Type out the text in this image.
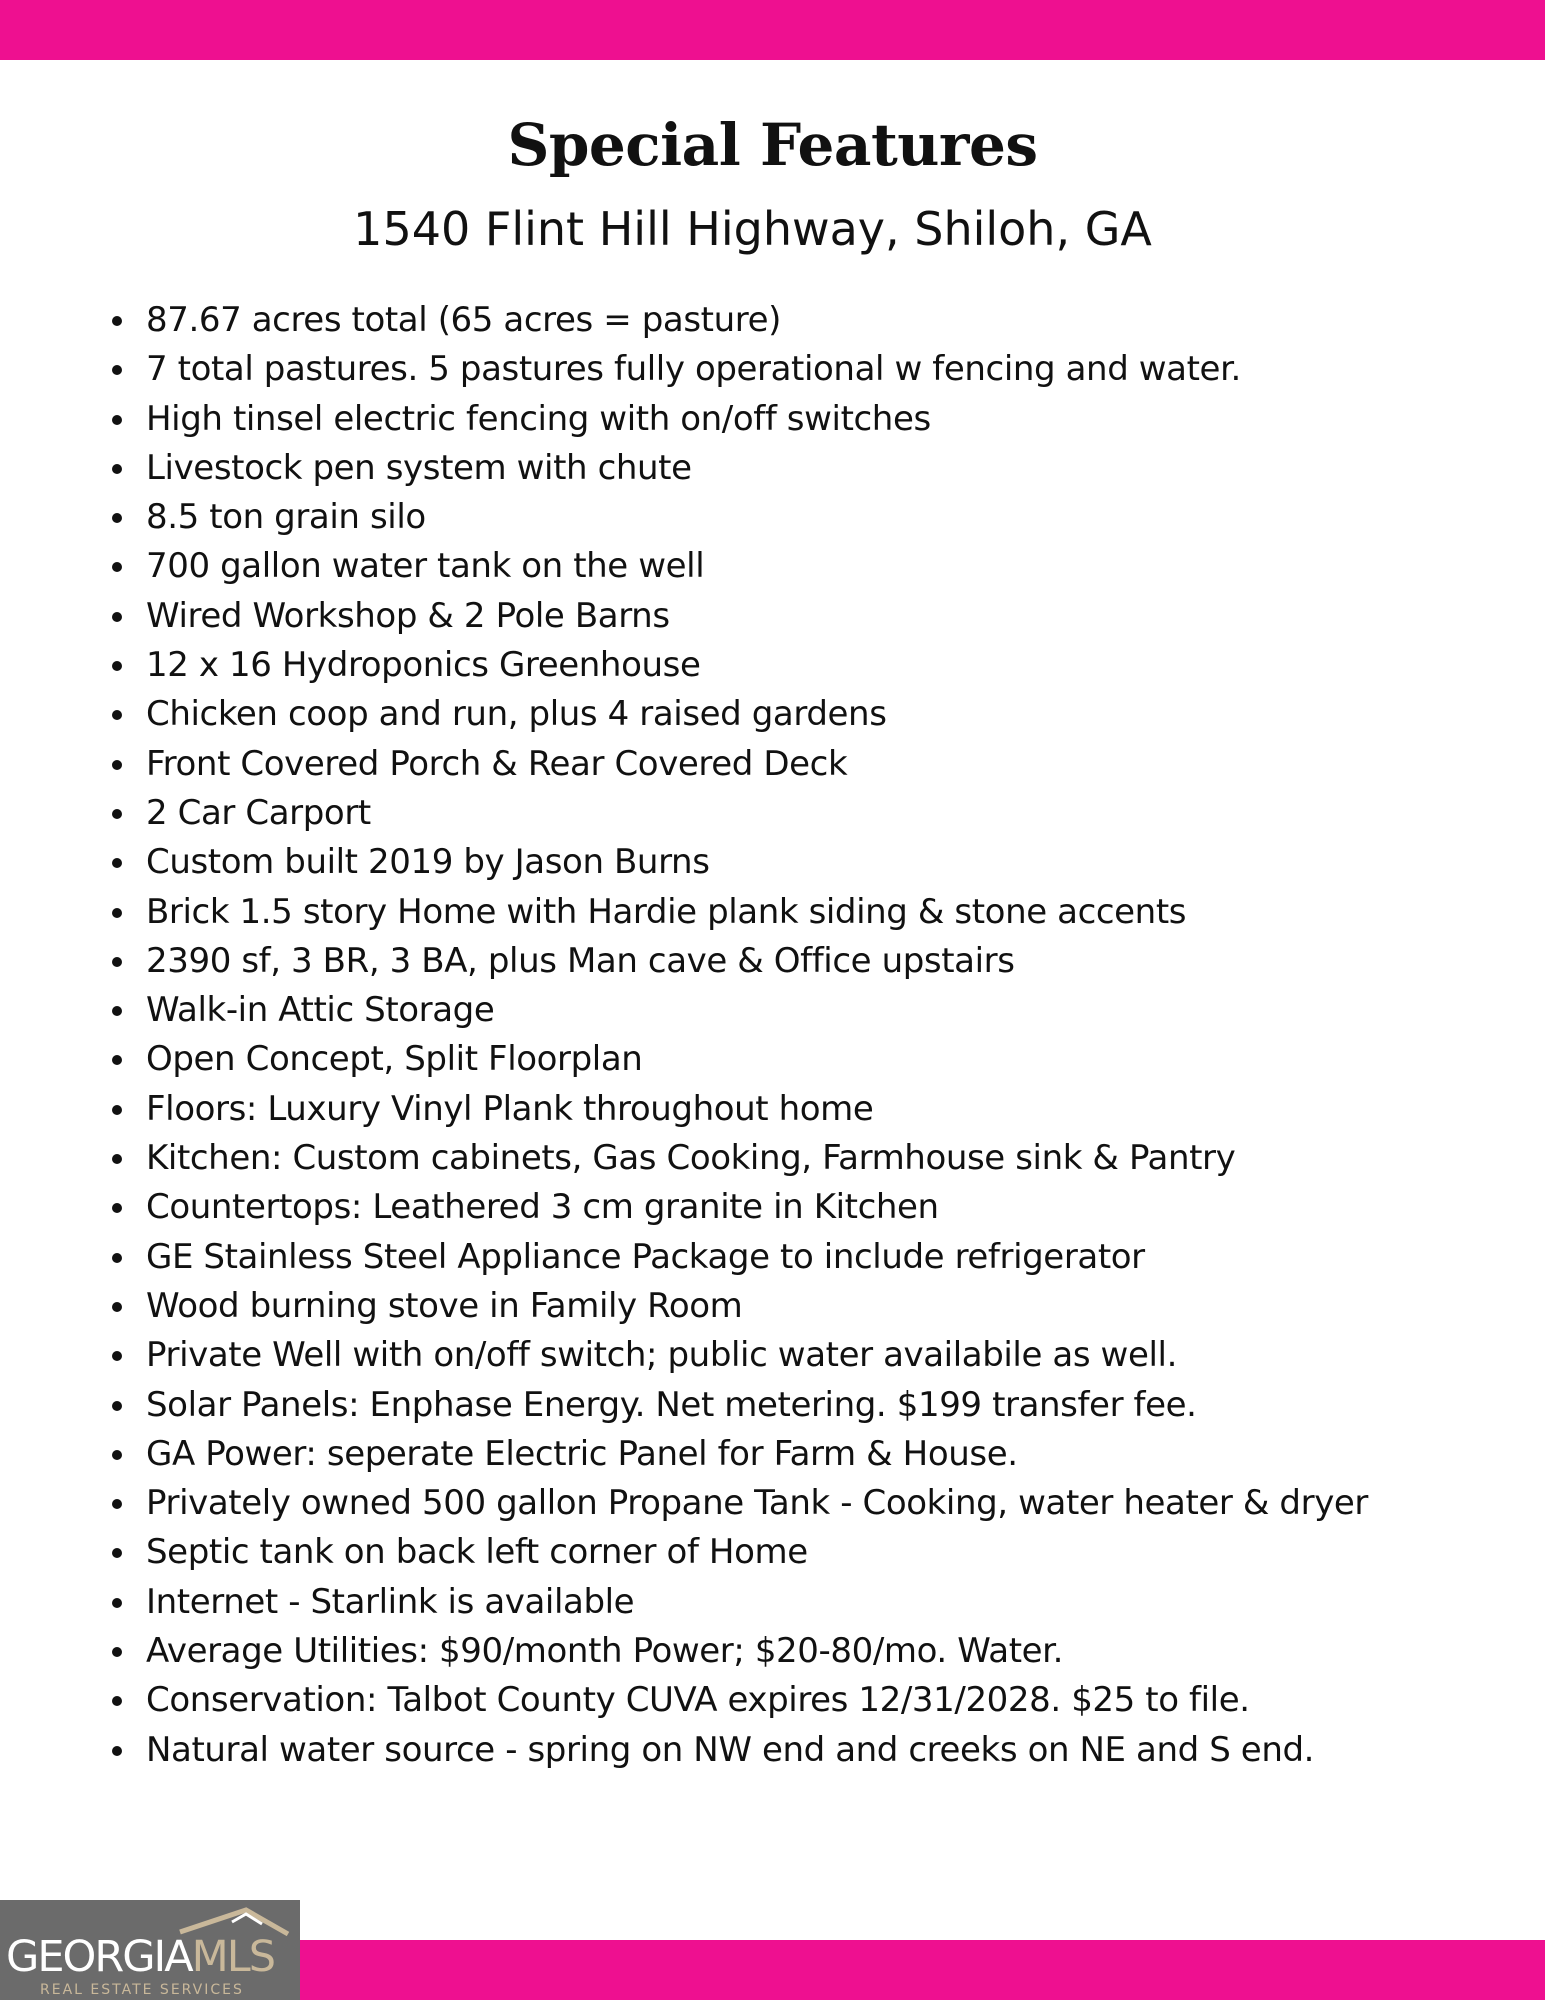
Special Features
1540 Flint Hill Highway, Shiloh, GA
87.67 acres total (65 acres = pasture)
7 total pastures. 5 pastures fully operational w fencing and water.
High tinsel electric fencing with on/off switches
Livestock pen system with chute
8.5 ton grain silo
700 gallon water tank on the well
Wired Workshop & 2 Pole Barns
12 x 16 Hydroponics Greenhouse
Chicken coop and run, plus 4 raised gardens
Front Covered Porch & Rear Covered Deck
2 Car Carport
Custom built 2019 by Jason Burns
Brick 1.5 story Home with Hardie plank siding & stone accents
2390 sf, 3 BR, 3 BA, plus Man cave & Office upstairs
Walk-in Attic Storage
Open Concept, Split Floorplan
Floors: Luxury Vinyl Plank throughout home
Kitchen: Custom cabinets, Gas Cooking, Farmhouse sink & Pantry
Countertops: Leathered 3 cm granite in Kitchen
GE Stainless Steel Appliance Package to include refrigerator
Wood burning stove in Family Room
Private Well with on/off switch; public water availabile as well.
Solar Panels: Enphase Energy. Net metering. $199 transfer fee.
GA Power: seperate Electric Panel for Farm & House.
Privately owned 500 gallon Propane Tank - Cooking, water heater & dryer
Septic tank on back left corner of Home
Internet - Starlink is available
Average Utilities: $90/month Power; $20-80/mo. Water.
Conservation: Talbot County CUVA expires 12/31/2028. $25 to file.
Natural water source - spring on NW end and creeks on NE and S end.
GEORGIAMLS
REAL ESTATE SERVICES
